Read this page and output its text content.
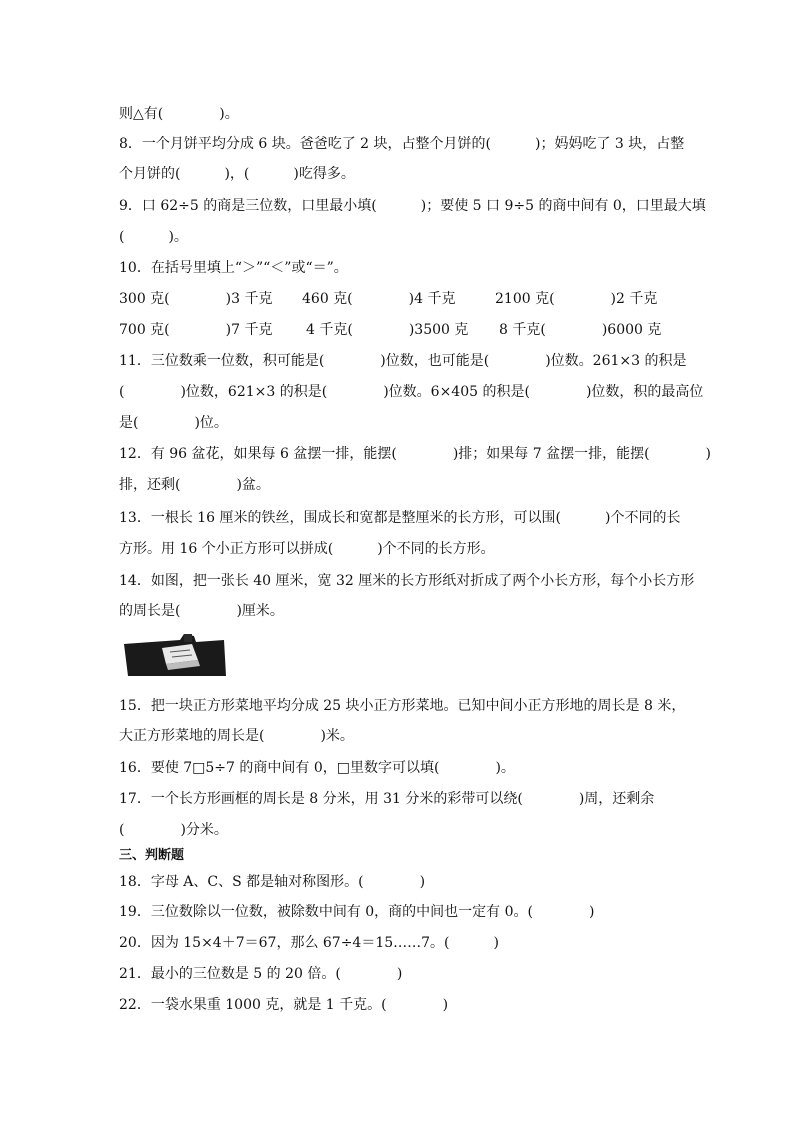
则△有(	)。
8．一个月饼平均分成 6 块。爸爸吃了 2 块，占整个月饼的(	)；妈妈吃了 3 块，占整
个月饼的(	)，(	)吃得多。
9．口 62÷5 的商是三位数，口里最小填(	)；要使 5 口 9÷5 的商中间有 0，口里最大填
(	)。
10．在括号里填上“＞”“＜”或“＝”。
300 克(	)3 千克 460 克(	)4 千克	2100 克(	)2 千克
700 克(	)7 千克 4 千克(	)3500 克 8 千克(	)6000 克
11．三位数乘一位数，积可能是(	)位数，也可能是(	)位数。261×3 的积是
(	)位数，621×3 的积是(	)位数。6×405 的积是(	)位数，积的最高位
是(	)位。
12．有 96 盆花，如果每 6 盆摆一排，能摆(	)排；如果每 7 盆摆一排，能摆(	)
排，还剩(	)盆。
13．一根长 16 厘米的铁丝，围成长和宽都是整厘米的长方形，可以围(	)个不同的长
方形。用 16 个小正方形可以拼成(	)个不同的长方形。
14．如图，把一张长 40 厘米，宽 32 厘米的长方形纸对折成了两个小长方形，每个小长方形
的周长是(	)厘米。
15．把一块正方形菜地平均分成 25 块小正方形菜地。已知中间小正方形地的周长是 8 米，
大正方形菜地的周长是(	)米。
16．要使 7□5÷7 的商中间有 0，□里数字可以填(	)。
17．一个长方形画框的周长是 8 分米，用 31 分米的彩带可以绕(	)周，还剩余
(	)分米。
三、判断题
18．字母 A、C、S 都是轴对称图形。(	)
19．三位数除以一位数，被除数中间有 0，商的中间也一定有 0。(	)
20．因为 15×4＋7＝67，那么 67÷4＝15……7。(	)
21．最小的三位数是 5 的 20 倍。(	)
22．一袋水果重 1000 克，就是 1 千克。(	)
